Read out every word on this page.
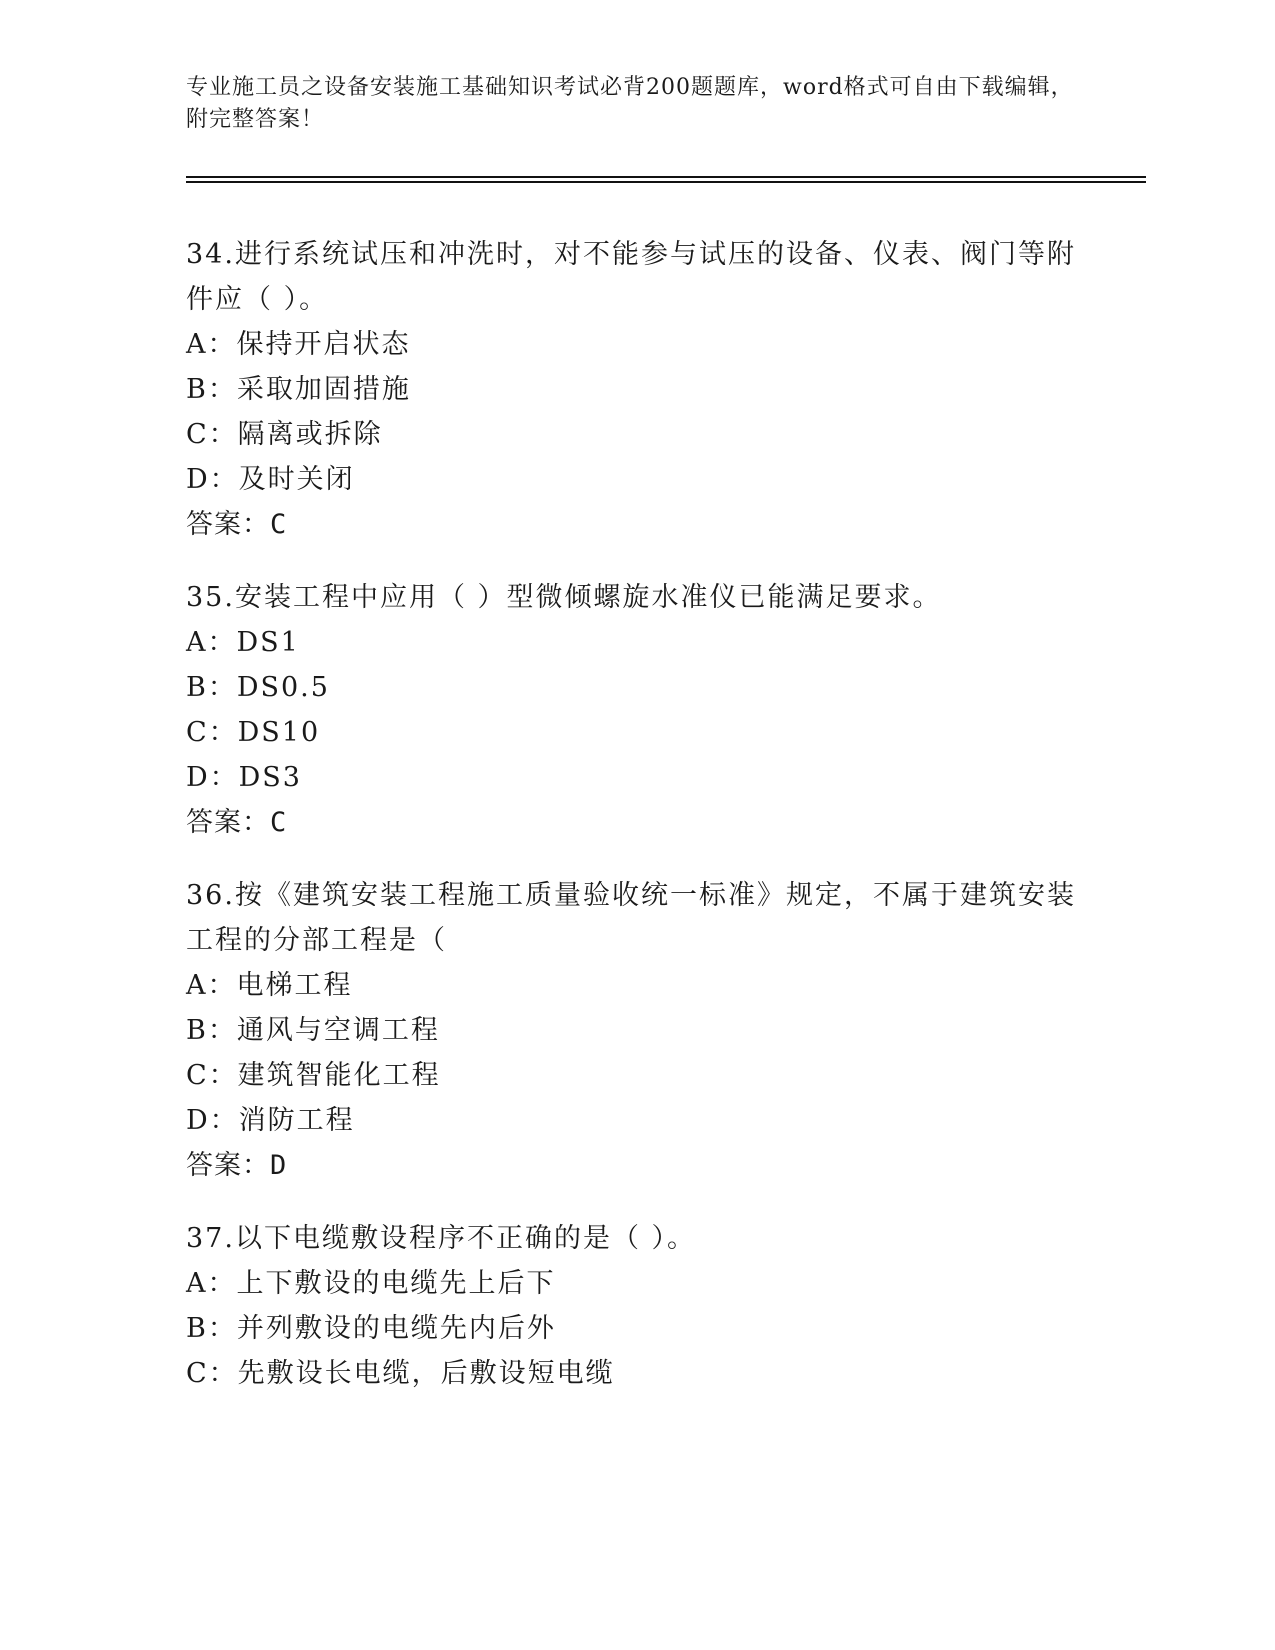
专业施工员之设备安装施工基础知识考试必背200题题库，word格式可自由下载编辑，附完整答案！
34.进行系统试压和冲洗时，对不能参与试压的设备、仪表、阀门等附件应（ ）。
A：保持开启状态
B：采取加固措施
C：隔离或拆除
D：及时关闭
答案：C
35.安装工程中应用（ ）型微倾螺旋水准仪已能满足要求。
A：DS1
B：DS0.5
C：DS10
D：DS3
答案：C
36.按《建筑安装工程施工质量验收统一标准》规定，不属于建筑安装工程的分部工程是（
A：电梯工程
B：通风与空调工程
C：建筑智能化工程
D：消防工程
答案：D
37.以下电缆敷设程序不正确的是（ ）。
A：上下敷设的电缆先上后下
B：并列敷设的电缆先内后外
C：先敷设长电缆，后敷设短电缆
